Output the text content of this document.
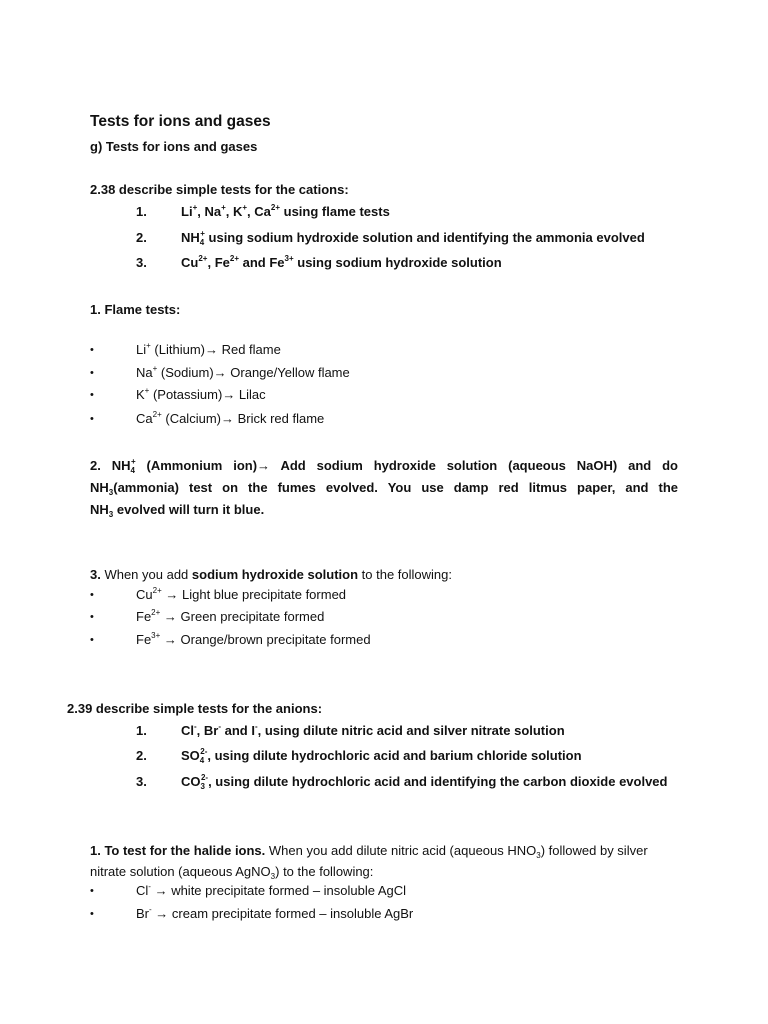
Tests for ions and gases
g) Tests for ions and gases
2.38 describe simple tests for the cations:
1.	Li+, Na+, K+, $Ca^{2+}$ using flame tests
2.	$NH_4^+$ using sodium hydroxide solution and identifying the ammonia evolved
3.	$Cu^{2+}$, $Fe^{2+}$ and $Fe^{3+}$ using sodium hydroxide solution
1. Flame tests:
•	Li+ (Lithium)→ Red flame
•	Na+ (Sodium)→ Orange/Yellow flame
•	K+ (Potassium)→ Lilac
•	$Ca^{2+}$ (Calcium)→ Brick red flame
2. $NH_4^+$ (Ammonium ion)→ Add sodium hydroxide solution (aqueous NaOH) and do
$NH_3(ammonia)$ test on the fumes evolved. You use damp red litmus paper, and the
$NH_3$ evolved will turn it blue.
3. When you add sodium hydroxide solution to the following:
•	$Cu^{2+}$ → Light blue precipitate formed
•	$Fe^{2+}$ → Green precipitate formed
•	$Fe^{3+}$ → Orange/brown precipitate formed
2.39 describe simple tests for the anions:
1.	Cl-, Br- and I-, using dilute nitric acid and silver nitrate solution
2.	$SO_4^{2-}$, using dilute hydrochloric acid and barium chloride solution
3.	$CO_3^{2-}$, using dilute hydrochloric acid and identifying the carbon dioxide evolved
1. To test for the halide ions. When you add dilute nitric acid (aqueous $HNO_3$) followed by silver
nitrate solution (aqueous AgNO$_3$) to the following:
•	Cl- → white precipitate formed – insoluble AgCl
•	Br- → cream precipitate formed – insoluble AgBr
